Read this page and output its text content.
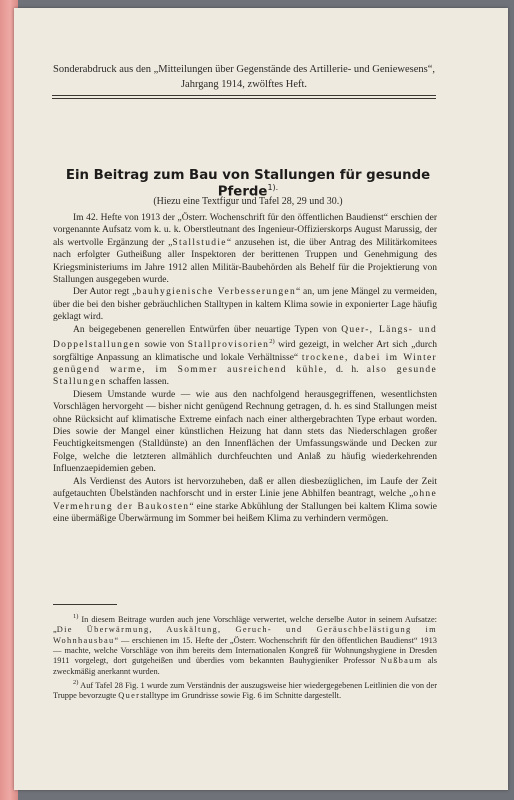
Sonderabdruck aus den „Mitteilungen über Gegenstände des Artillerie- und Geniewesens“,
Jahrgang 1914, zwölftes Heft.
Ein Beitrag zum Bau von Stallungen für gesunde Pferde$^{1).}$
(Hiezu eine Textfigur und Tafel 28, 29 und 30.)

Im 42. Hefte von 1913 der „Österr. Wochenschrift für den öffentlichen Baudienst“ erschien der vorgenannte Aufsatz vom k. u. k. Oberstleutnant des Ingenieur-Offizierskorps August Marussig, der als wertvolle Ergänzung der „Stallstudie“ anzusehen ist, die über Antrag des Militärkomitees nach erfolgter Gutheißung aller Inspektoren der berittenen Truppen und Genehmigung des Kriegsministeriums im Jahre 1912 allen Militär-Baubehörden als Behelf für die Projektierung von Stallungen ausgegeben wurde.

Der Autor regt „bauhygienische Verbesserungen“ an, um jene Mängel zu vermeiden, über die bei den bisher gebräuchlichen Stalltypen in kaltem Klima sowie in exponierter Lage häufig geklagt wird.

An beigegebenen generellen Entwürfen über neuartige Typen von Quer-, Längs- und Doppelstallungen sowie von Stallprovisorien$^{2)}$ wird gezeigt, in welcher Art sich „durch sorgfältige Anpassung an klimatische und lokale Verhältnisse“ trockene, dabei im Winter genügend warme, im Sommer ausreichend kühle, d. h. also gesunde Stallungen schaffen lassen.

Diesem Umstande wurde — wie aus den nachfolgend herausgegriffenen, wesentlichsten Vorschlägen hervorgeht — bisher nicht genügend Rechnung getragen, d. h. es sind Stallungen meist ohne Rücksicht auf klimatische Extreme einfach nach einer althergebrachten Type erbaut worden. Dies sowie der Mangel einer künstlichen Heizung hat dann stets das Niederschlagen großer Feuchtigkeitsmengen (Stalldünste) an den Innenflächen der Umfassungswände und Decken zur Folge, welche die letzteren allmählich durchfeuchten und Anlaß zu häufig wiederkehrenden Influenzaepidemien geben.

Als Verdienst des Autors ist hervorzuheben, daß er allen diesbezüglichen, im Laufe der Zeit aufgetauchten Übelständen nachforscht und in erster Linie jene Abhilfen beantragt, welche „ohne Vermehrung der Baukosten“ eine starke Abkühlung der Stallungen bei kaltem Klima sowie eine übermäßige Überwärmung im Sommer bei heißem Klima zu verhindern vermögen.

$^{1)}$ In diesem Beitrage wurden auch jene Vorschläge verwertet, welche derselbe Autor in seinem Aufsatze: „Die Überwärmung, Auskältung, Geruch- und Geräuschbelästigung im Wohnhausbau“ — erschienen im 15. Hefte der „Österr. Wochenschrift für den öffentlichen Baudienst“ 1913 — machte, welche Vorschläge von ihm bereits dem Internationalen Kongreß für Wohnungshygiene in Dresden 1911 vorgelegt, dort gutgeheißen und überdies vom bekannten Bauhygieniker Professor Nußbaum als zweckmäßig anerkannt wurden.

$^{2)}$ Auf Tafel 28 Fig. 1 wurde zum Verständnis der auszugsweise hier wiedergegebenen Leitlinien die von der Truppe bevorzugte Querstalltype im Grundrisse sowie Fig. 6 im Schnitte dargestellt.
